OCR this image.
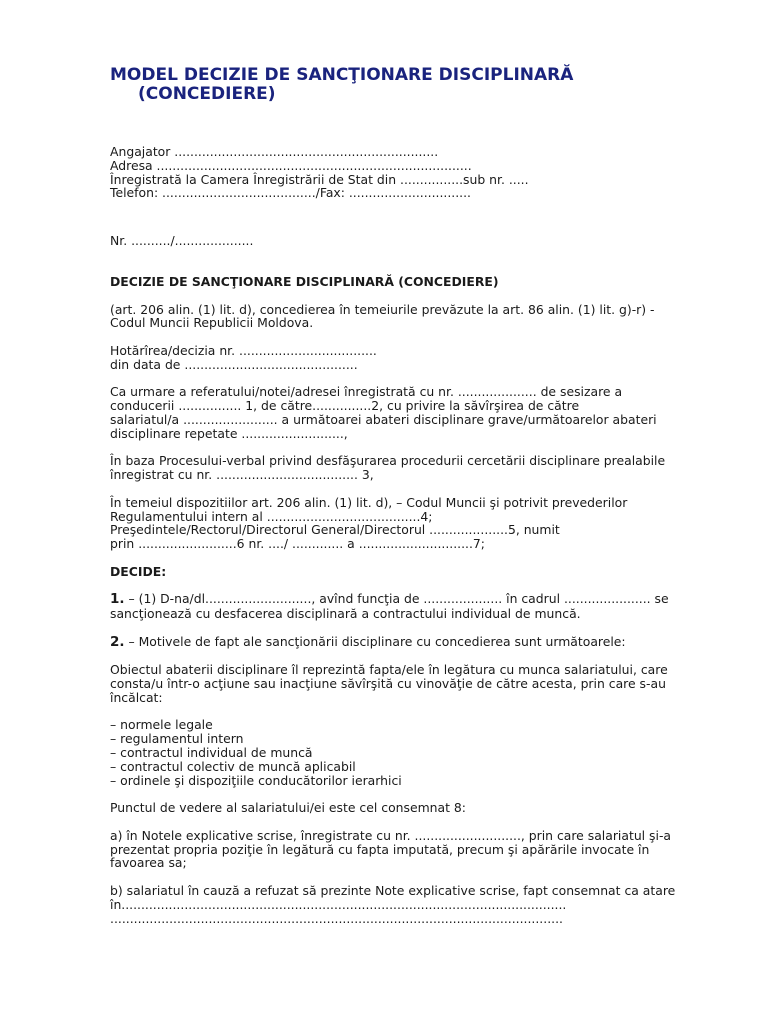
MODEL DECIZIE DE SANCŢIONARE DISCIPLINARĂ
(CONCEDIERE)

Angajator ...................................................................
Adresa ................................................................................
Înregistrată la Camera Înregistrării de Stat din ................sub nr. .....
Telefon: ......................................./Fax: ...............................

Nr. ........../....................

DECIZIE DE SANCŢIONARE DISCIPLINARĂ (CONCEDIERE)

(art. 206 alin. (1) lit. d), concedierea în temeiurile prevăzute la art. 86 alin. (1) lit. g)-r) -
Codul Muncii Republicii Moldova.

Hotărîrea/decizia nr. ...................................
din data de ............................................

Ca urmare a referatului/notei/adresei înregistrată cu nr. .................... de sesizare a
conducerii ................ 1, de către...............2, cu privire la săvîrşirea de către
salariatul/a ........................ a următoarei abateri disciplinare grave/următoarelor abateri
disciplinare repetate ..........................,

În baza Procesului-verbal privind desfăşurarea procedurii cercetării disciplinare prealabile
înregistrat cu nr. .................................... 3,

În temeiul dispozitiilor art. 206 alin. (1) lit. d), – Codul Muncii şi potrivit prevederilor
Regulamentului intern al .......................................4;
Preşedintele/Rectorul/Directorul General/Directorul ....................5, numit
prin .........................6 nr. ..../ ............. a .............................7;

DECIDE:

1. – (1) D-na/dl..........................., avînd funcţia de .................... în cadrul ...................... se
sancţionează cu desfacerea disciplinară a contractului individual de muncă.

2. – Motivele de fapt ale sancţionării disciplinare cu concedierea sunt următoarele:

Obiectul abaterii disciplinare îl reprezintă fapta/ele în legătura cu munca salariatului, care
consta/u într-o acţiune sau inacţiune săvîrşită cu vinovăţie de către acesta, prin care s-au
încălcat:

– normele legale
– regulamentul intern
– contractul individual de muncă
– contractul colectiv de muncă aplicabil
– ordinele şi dispoziţiile conducătorilor ierarhici

Punctul de vedere al salariatului/ei este cel consemnat 8:

a) în Notele explicative scrise, înregistrate cu nr. ..........................., prin care salariatul şi-a
prezentat propria poziţie în legătură cu fapta imputată, precum şi apărările invocate în
favoarea sa;

b) salariatul în cauză a refuzat să prezinte Note explicative scrise, fapt consemnat ca atare
în.................................................................................................................
...................................................................................................................
